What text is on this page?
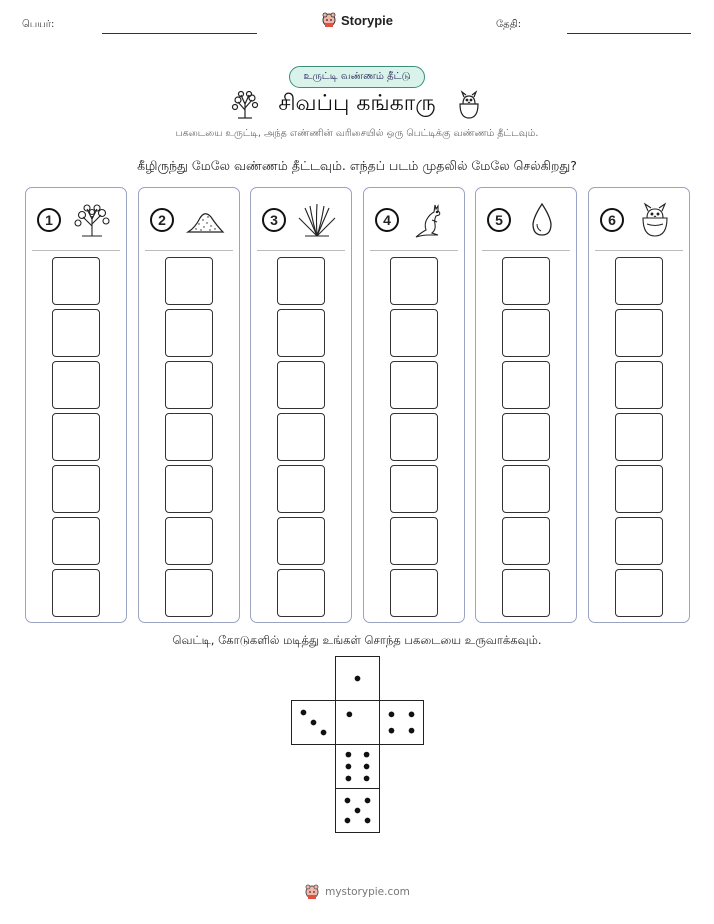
பெயர்:	Storypie	தேதி:
உருட்டி வண்ணம் தீட்டு
சிவப்பு கங்காரு
பகடையை உருட்டி, அந்த எண்ணின் வரிசையில் ஒரு பெட்டிக்கு வண்ணம் தீட்டவும்.
கீழிருந்து மேலே வண்ணம் தீட்டவும். எந்தப் படம் முதலில் மேலே செல்கிறது?
1	2	3	4	5	6
வெட்டி, கோடுகளில் மடித்து உங்கள் சொந்த பகடையை உருவாக்கவும்.
mystorypie.com
